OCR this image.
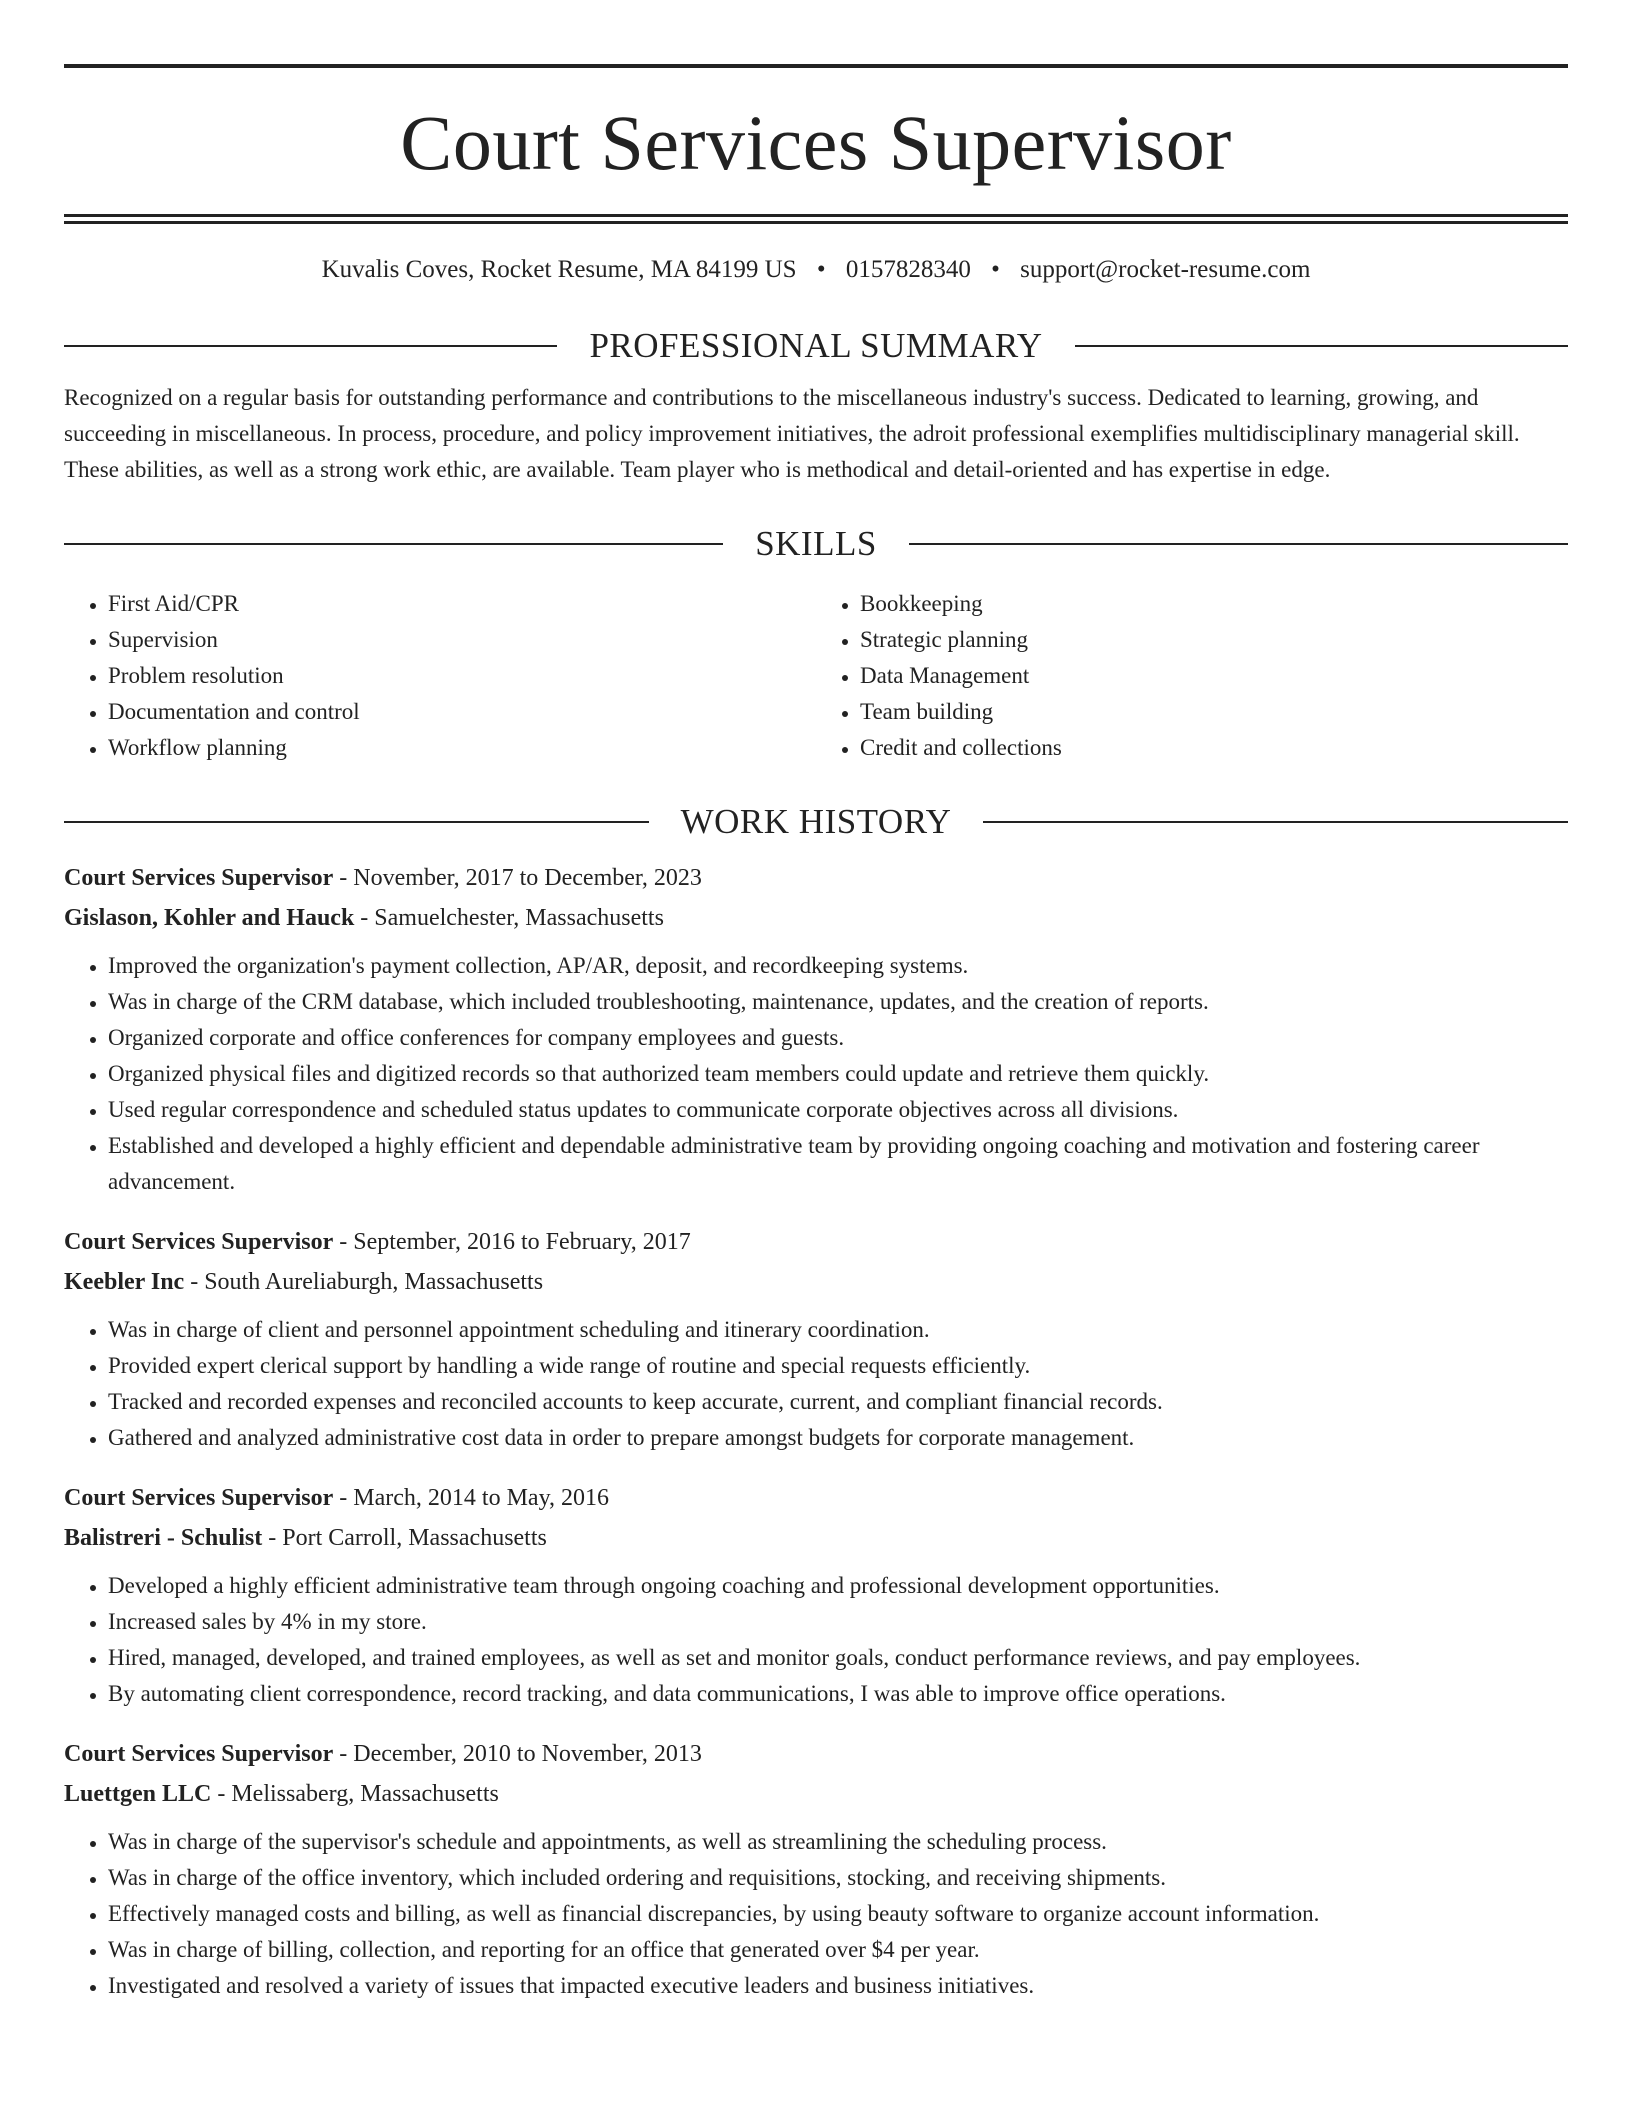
Court Services Supervisor
Kuvalis Coves, Rocket Resume, MA 84199 US • 0157828340 • support@rocket-resume.com
PROFESSIONAL SUMMARY
Recognized on a regular basis for outstanding performance and contributions to the miscellaneous industry's success. Dedicated to learning, growing, and succeeding in miscellaneous. In process, procedure, and policy improvement initiatives, the adroit professional exemplifies multidisciplinary managerial skill. These abilities, as well as a strong work ethic, are available. Team player who is methodical and detail-oriented and has expertise in edge.
SKILLS
• First Aid/CPR
• Supervision
• Problem resolution
• Documentation and control
• Workflow planning
• Bookkeeping
• Strategic planning
• Data Management
• Team building
• Credit and collections
WORK HISTORY
Court Services Supervisor - November, 2017 to December, 2023
Gislason, Kohler and Hauck - Samuelchester, Massachusetts
• Improved the organization's payment collection, AP/AR, deposit, and recordkeeping systems.
• Was in charge of the CRM database, which included troubleshooting, maintenance, updates, and the creation of reports.
• Organized corporate and office conferences for company employees and guests.
• Organized physical files and digitized records so that authorized team members could update and retrieve them quickly.
• Used regular correspondence and scheduled status updates to communicate corporate objectives across all divisions.
• Established and developed a highly efficient and dependable administrative team by providing ongoing coaching and motivation and fostering career advancement.
Court Services Supervisor - September, 2016 to February, 2017
Keebler Inc - South Aureliaburgh, Massachusetts
• Was in charge of client and personnel appointment scheduling and itinerary coordination.
• Provided expert clerical support by handling a wide range of routine and special requests efficiently.
• Tracked and recorded expenses and reconciled accounts to keep accurate, current, and compliant financial records.
• Gathered and analyzed administrative cost data in order to prepare amongst budgets for corporate management.
Court Services Supervisor - March, 2014 to May, 2016
Balistreri - Schulist - Port Carroll, Massachusetts
• Developed a highly efficient administrative team through ongoing coaching and professional development opportunities.
• Increased sales by 4% in my store.
• Hired, managed, developed, and trained employees, as well as set and monitor goals, conduct performance reviews, and pay employees.
• By automating client correspondence, record tracking, and data communications, I was able to improve office operations.
Court Services Supervisor - December, 2010 to November, 2013
Luettgen LLC - Melissaberg, Massachusetts
• Was in charge of the supervisor's schedule and appointments, as well as streamlining the scheduling process.
• Was in charge of the office inventory, which included ordering and requisitions, stocking, and receiving shipments.
• Effectively managed costs and billing, as well as financial discrepancies, by using beauty software to organize account information.
• Was in charge of billing, collection, and reporting for an office that generated over $4 per year.
• Investigated and resolved a variety of issues that impacted executive leaders and business initiatives.
